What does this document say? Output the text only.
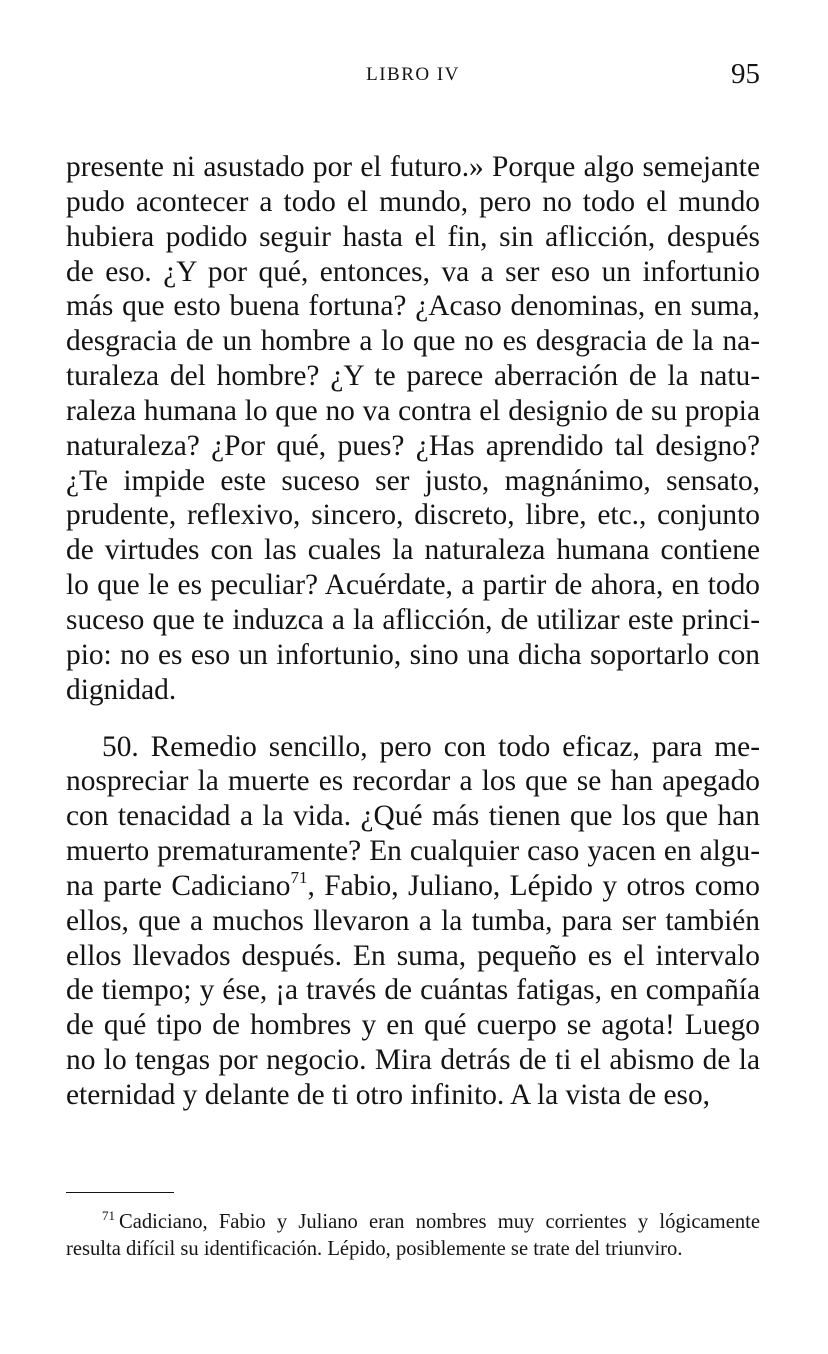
LIBRO IV	95

presente ni asustado por el futuro.» Porque algo semejante pudo acontecer a todo el mundo, pero no todo el mundo hubiera podido seguir hasta el fin, sin aflicción, después de eso. ¿Y por qué, entonces, va a ser eso un infortunio más que esto buena fortuna? ¿Acaso denominas, en suma, desgracia de un hombre a lo que no es desgracia de la naturaleza del hombre? ¿Y te parece aberración de la naturaleza humana lo que no va contra el designio de su propia naturaleza? ¿Por qué, pues? ¿Has aprendido tal designo? ¿Te impide este suceso ser justo, magnánimo, sensato, prudente, reflexivo, sincero, discreto, libre, etc., conjunto de virtudes con las cuales la naturaleza humana contiene lo que le es peculiar? Acuérdate, a partir de ahora, en todo suceso que te induzca a la aflicción, de utilizar este principio: no es eso un infortunio, sino una dicha soportarlo con dignidad.

50. Remedio sencillo, pero con todo eficaz, para menospreciar la muerte es recordar a los que se han apegado con tenacidad a la vida. ¿Qué más tienen que los que han muerto prematuramente? En cualquier caso yacen en alguna parte Cadiciano$^{71}$, Fabio, Juliano, Lépido y otros como ellos, que a muchos llevaron a la tumba, para ser también ellos llevados después. En suma, pequeño es el intervalo de tiempo; y ése, ¡a través de cuántas fatigas, en compañía de qué tipo de hombres y en qué cuerpo se agota! Luego no lo tengas por negocio. Mira detrás de ti el abismo de la eternidad y delante de ti otro infinito. A la vista de eso,

$^{71}$ Cadiciano, Fabio y Juliano eran nombres muy corrientes y lógicamente resulta difícil su identificación. Lépido, posiblemente se trate del triunviro.
